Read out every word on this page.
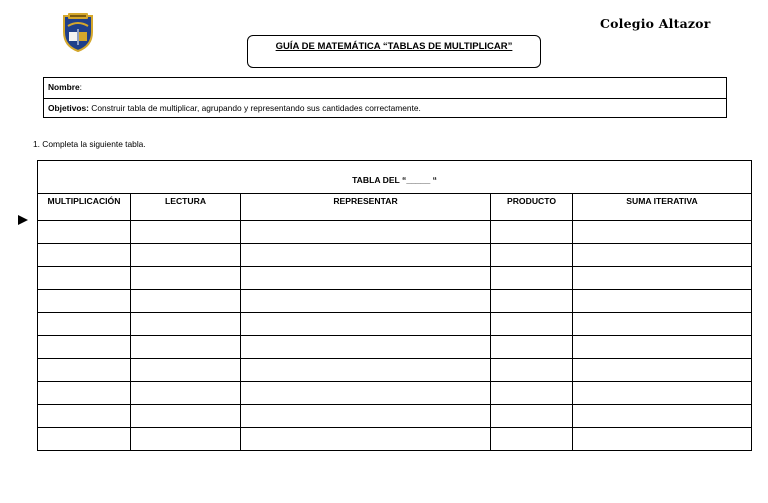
Colegio Altazor
GUÍA DE MATEMÁTICA “TABLAS DE MULTIPLICAR”
Nombre:
Objetivos: Construir tabla de multiplicar, agrupando y representando sus cantidades correctamente.
1. Completa la siguiente tabla.
TABLA DEL “_____ “				
MULTIPLICACIÓN	LECTURA	REPRESENTAR	PRODUCTO	SUMA ITERATIVA
